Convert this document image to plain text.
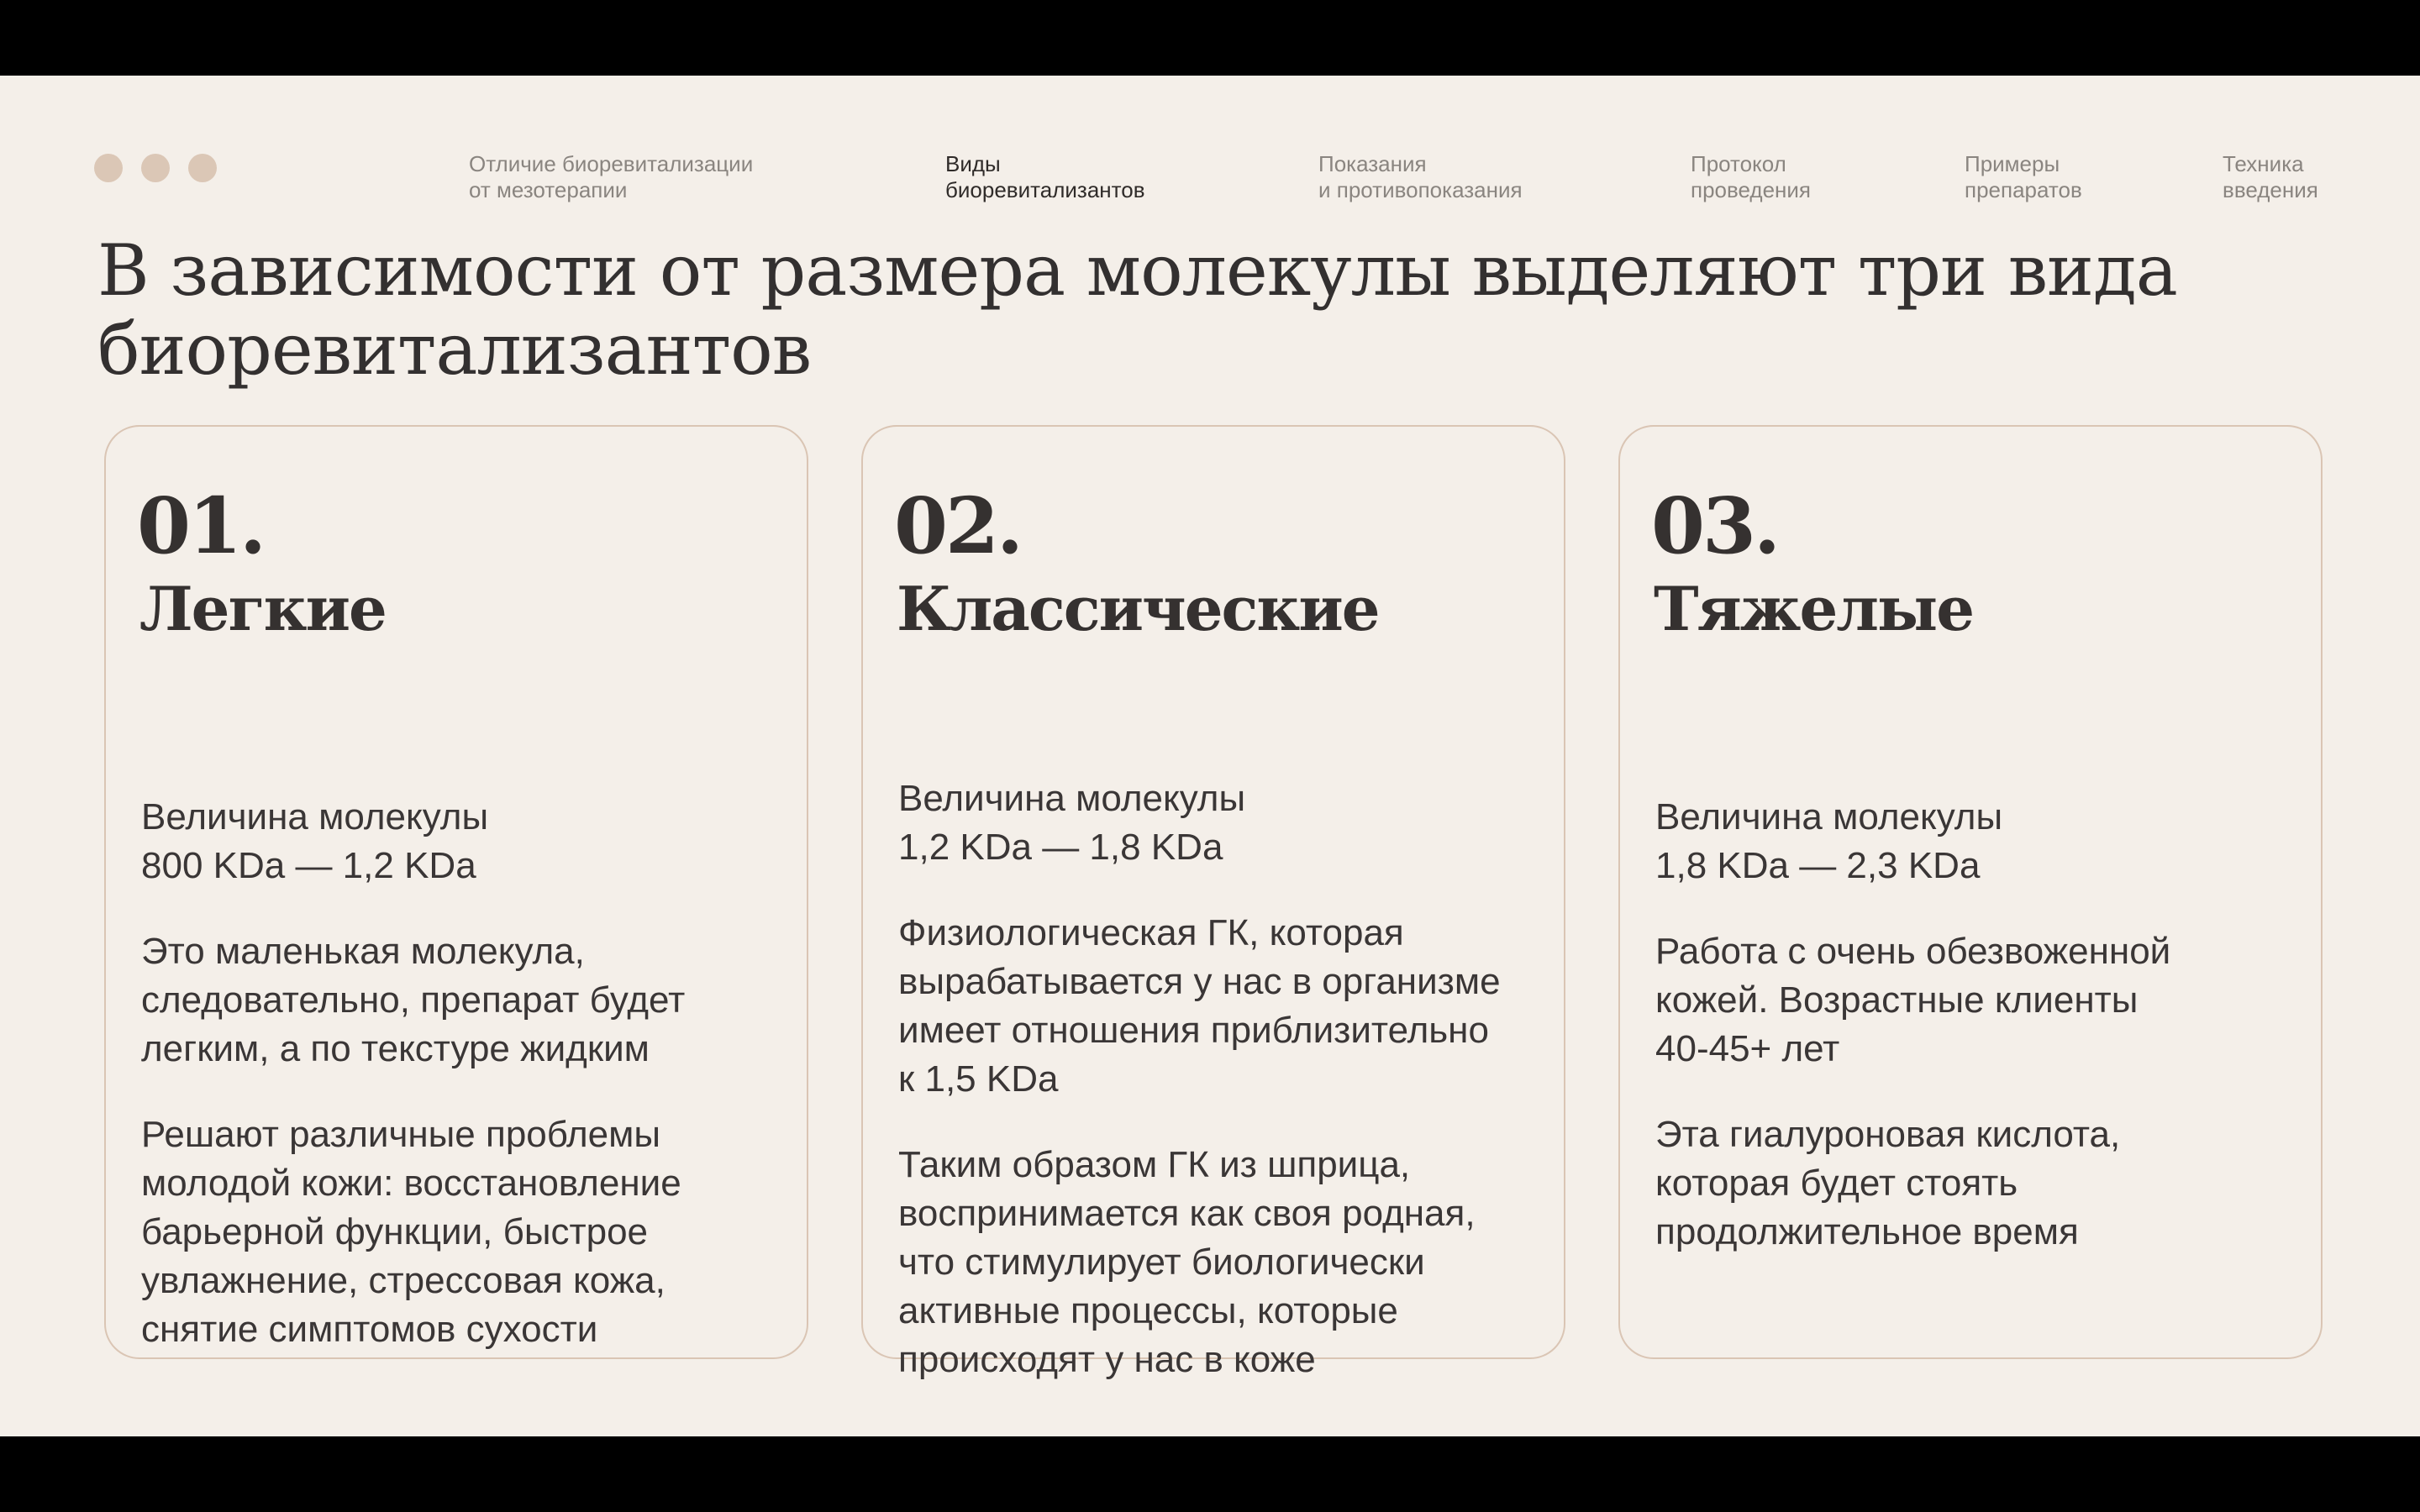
Отличие биоревитализации
от мезотерапии
Виды
биоревитализантов
Показания
и противопоказания
Протокол
проведения
Примеры
препаратов
Техника
введения
В зависимости от размера молекулы выделяют три вида
биоревитализантов
01.
Легкие

Величина молекулы
800 KDa — 1,2 KDa

Это маленькая молекула,
следовательно, препарат будет
легким, а по текстуре жидким

Решают различные проблемы
молодой кожи: восстановление
барьерной функции, быстрое
увлажнение, стрессовая кожа,
снятие симптомов сухости

02.
Классические

Величина молекулы
1,2 KDa — 1,8 KDa

Физиологическая ГК, которая
вырабатывается у нас в организме
имеет отношения приблизительно
к 1,5 KDa

Таким образом ГК из шприца,
воспринимается как своя родная,
что стимулирует биологически
активные процессы, которые
происходят у нас в коже

03.
Тяжелые

Величина молекулы
1,8 KDa — 2,3 KDa

Работа с очень обезвоженной
кожей. Возрастные клиенты
40-45+ лет

Эта гиалуроновая кислота,
которая будет стоять
продолжительное время
